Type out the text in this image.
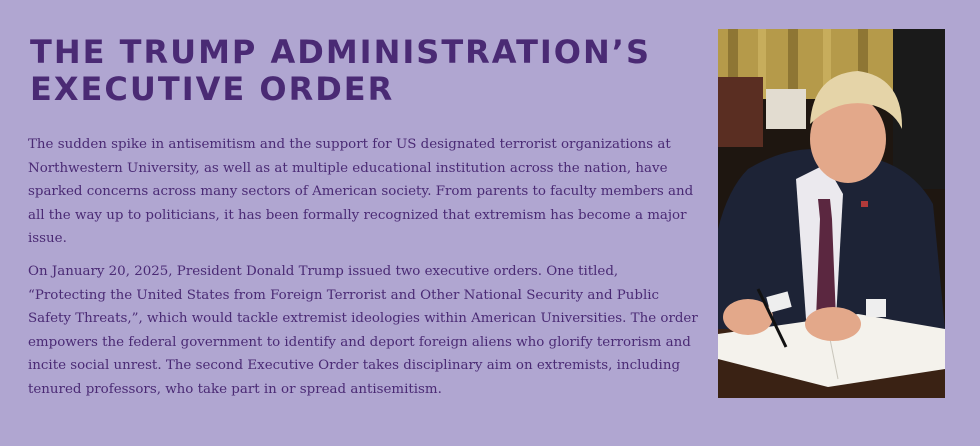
THE TRUMP ADMINISTRATION’S
EXECUTIVE ORDER

The sudden spike in antisemitism and the support for US designated terrorist organizations at Northwestern University, as well as at multiple educational institution across the nation, have sparked concerns across many sectors of American society. From parents to faculty members and all the way up to politicians, it has been formally recognized that extremism has become a major issue.

On January 20, 2025, President Donald Trump issued two executive orders. One titled, “Protecting the United States from Foreign Terrorist and Other National Security and Public Safety Threats,”, which would tackle extremist ideologies within American Universities. The order empowers the federal government to identify and deport foreign aliens who glorify terrorism and incite social unrest. The second Executive Order takes disciplinary aim on extremists, including tenured professors, who take part in or spread antisemitism.
